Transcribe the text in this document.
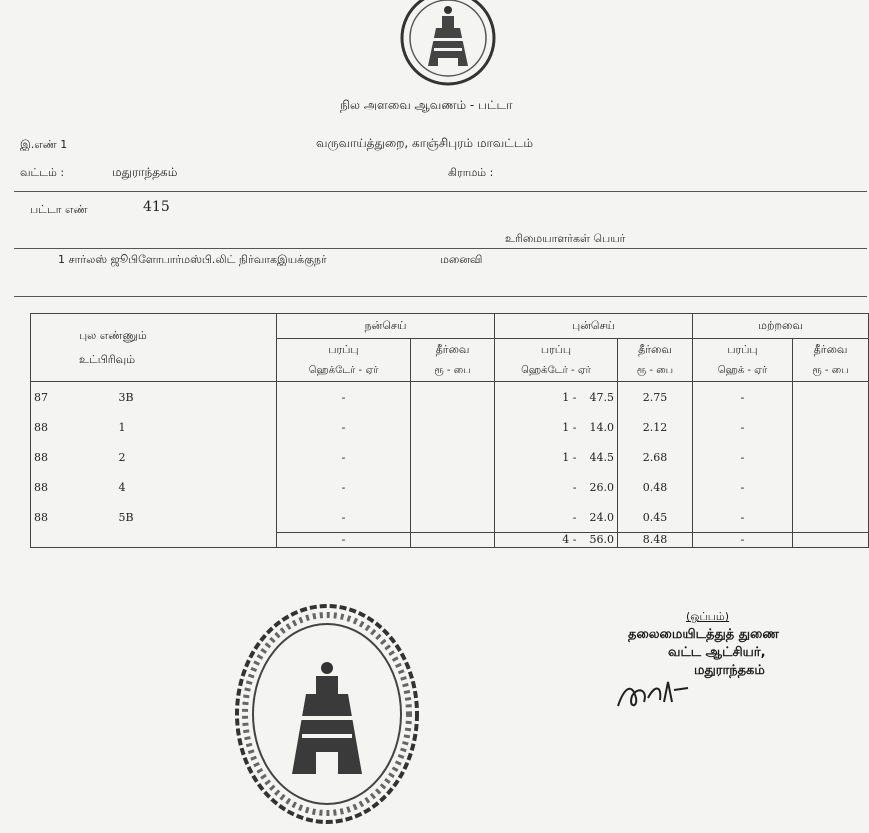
நில அளவை ஆவணம் - பட்டா
இ.எண் 1	வருவாய்த்துறை, காஞ்சிபுரம் மாவட்டம்
வட்டம் :	மதுராந்தகம்	கிராமம் :
பட்டா எண்	415
உரிமையாளர்கள் பெயர்
1 சார்லஸ் ஜூபிளோபார்மஸ்பி.லிட் நிர்வாகஇயக்குநர்	மனைவி
புல எண்ணும்
உட்பிரிவும்	நன்செய்		புன்செய்		மற்றவை	
	பரப்பு	தீர்வை	பரப்பு	தீர்வை	பரப்பு	தீர்வை
	ஹெக்டேர் - ஏர்	ரூ - பை	ஹெக்டேர் - ஏர்	ரூ - பை	ஹெக் - ஏர்	ரூ - பை
87 3B	-		1 - 47.5	2.75	-	
88 1	-		1 - 14.0	2.12	-	
88 2	-		1 - 44.5	2.68	-	
88 4	-		- 26.0	0.48	-	
88 5B	-		- 24.0	0.45	-	
	-		4 - 56.0	8.48	-	
(ஒப்பம்)
தலைமையிடத்துத் துணை
வட்ட ஆட்சியர்,
மதுராந்தகம்
